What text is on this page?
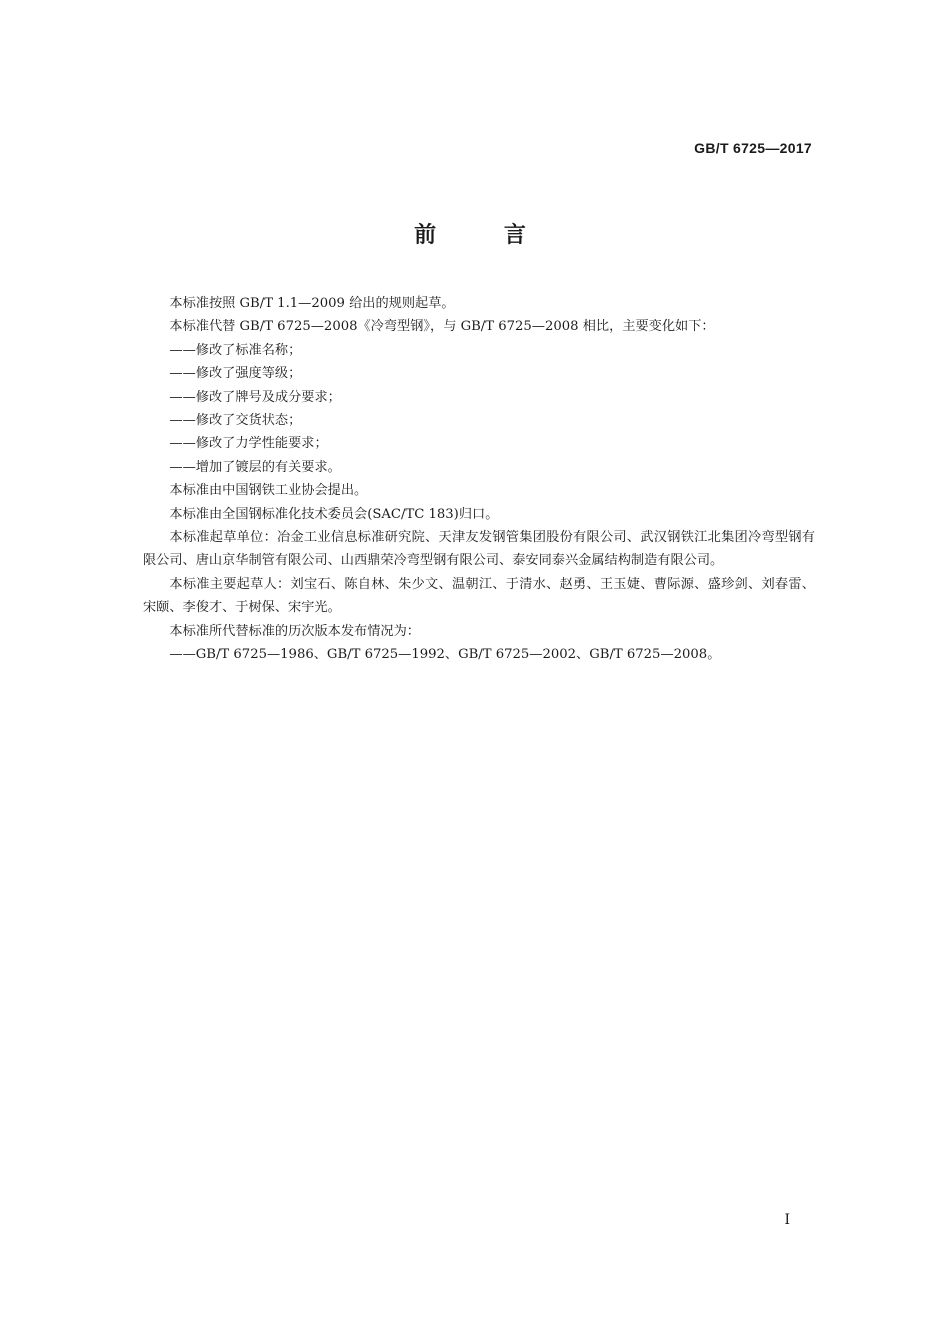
GB/T 6725—2017
前 言

本标准按照 GB/T 1.1—2009 给出的规则起草。

本标准代替 GB/T 6725—2008《冷弯型钢》，与 GB/T 6725—2008 相比，主要变化如下：

——修改了标准名称；

——修改了强度等级；

——修改了牌号及成分要求；

——修改了交货状态；

——修改了力学性能要求；

——增加了镀层的有关要求。

本标准由中国钢铁工业协会提出。

本标准由全国钢标准化技术委员会(SAC/TC 183)归口。

本标准起草单位：冶金工业信息标准研究院、天津友发钢管集团股份有限公司、武汉钢铁江北集团冷弯型钢有限公司、唐山京华制管有限公司、山西鼎荣冷弯型钢有限公司、泰安同泰兴金属结构制造有限公司。

本标准主要起草人：刘宝石、陈自林、朱少文、温朝江、于清水、赵勇、王玉婕、曹际源、盛珍剑、刘春雷、宋颐、李俊才、于树保、宋宇光。

本标准所代替标准的历次版本发布情况为：

——GB/T 6725—1986、GB/T 6725—1992、GB/T 6725—2002、GB/T 6725—2008。

I
